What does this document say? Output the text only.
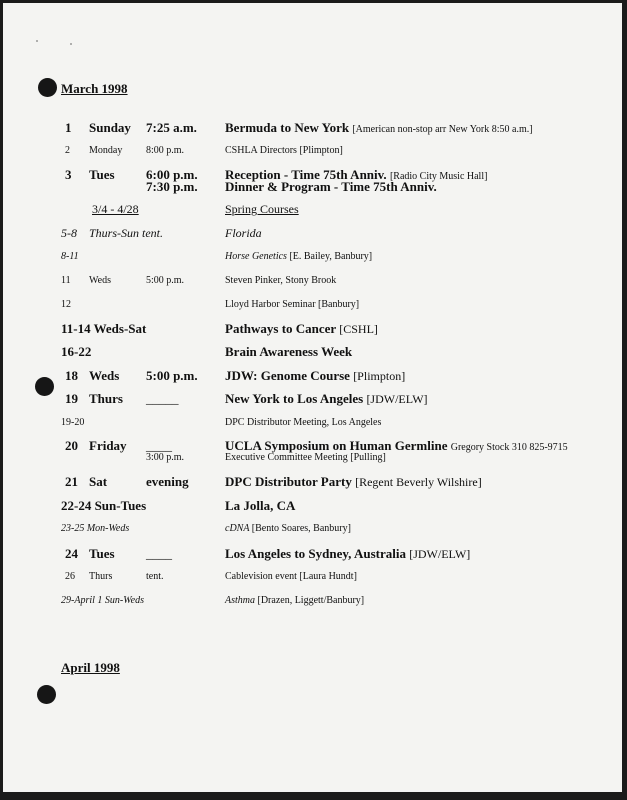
March 1998
1 Sunday 7:25 a.m. Bermuda to New York [American non-stop arr New York 8:50 a.m.]
2 Monday 8:00 p.m.	CSHLA Directors [Plimpton]
3 Tues 6:00 p.m. Reception - Time 75th Anniv. [Radio City Music Hall]
7:30 p.m. Dinner & Program - Time 75th Anniv.
3/4 - 4/28	Spring Courses
5-8 Thurs-Sun tent.	Florida
8-11	Horse Genetics [E. Bailey, Banbury]
11 Weds	5:00 p.m.	Steven Pinker, Stony Brook
12	Lloyd Harbor Seminar [Banbury]
11-14 Weds-Sat	Pathways to Cancer [CSHL]
16-22	Brain Awareness Week
18 Weds 5:00 p.m. JDW: Genome Course [Plimpton]
19 Thurs _____	New York to Los Angeles [JDW/ELW]
19-20	DPC Distributor Meeting, Los Angeles
20 Friday ____	UCLA Symposium on Human Germline Gregory Stock 310 825-9715
3:00 p.m.	Executive Committee Meeting [Pulling]
21 Sat	evening	DPC Distributor Party [Regent Beverly Wilshire]
22-24 Sun-Tues	La Jolla, CA
23-25 Mon-Weds	cDNA [Bento Soares, Banbury]
24 Tues ____	Los Angeles to Sydney, Australia [JDW/ELW]
26 Thurs	tent.	Cablevision event [Laura Hundt]
29-April 1 Sun-Weds	Asthma [Drazen, Liggett/Banbury]
April 1998
